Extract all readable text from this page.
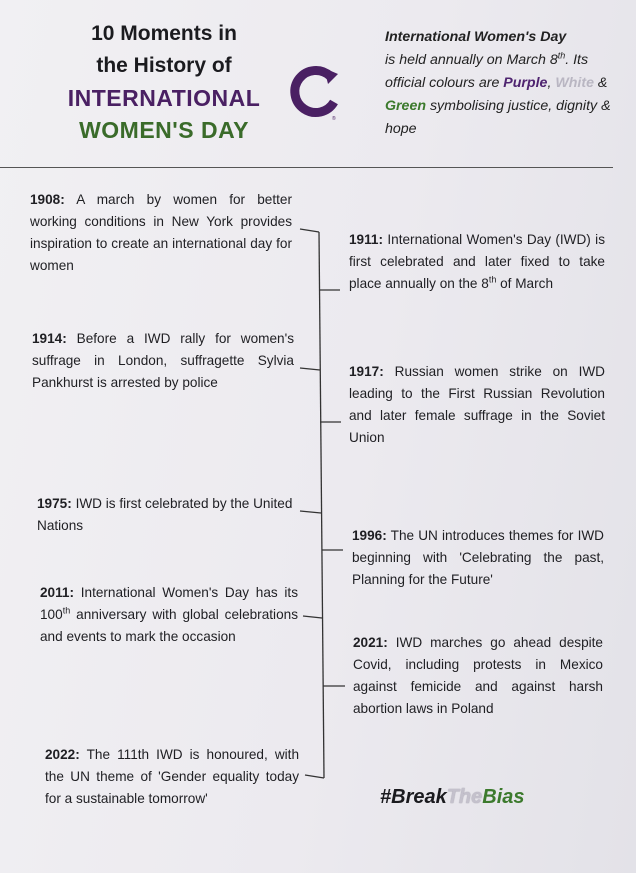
10 Moments in
the History of
INTERNATIONAL
WOMEN'S DAY	®
International Women's Day
is held annually on March 8th. Its official colours are Purple, White & Green symbolising justice, dignity & hope
1908: A march by women for better working conditions in New York provides inspiration to create an international day for women
1914: Before a IWD rally for women's suffrage in London, suffragette Sylvia Pankhurst is arrested by police
1975: IWD is first celebrated by the United Nations
2011: International Women's Day has its 100th anniversary with global celebrations and events to mark the occasion
2022: The 111th IWD is honoured, with the UN theme of 'Gender equality today for a sustainable tomorrow'
1911: International Women's Day (IWD) is first celebrated and later fixed to take place annually on the 8th of March
1917: Russian women strike on IWD leading to the First Russian Revolution and later female suffrage in the Soviet Union
1996: The UN introduces themes for IWD beginning with 'Celebrating the past, Planning for the Future'
2021: IWD marches go ahead despite Covid, including protests in Mexico against femicide and against harsh abortion laws in Poland
#BreakTheBias
